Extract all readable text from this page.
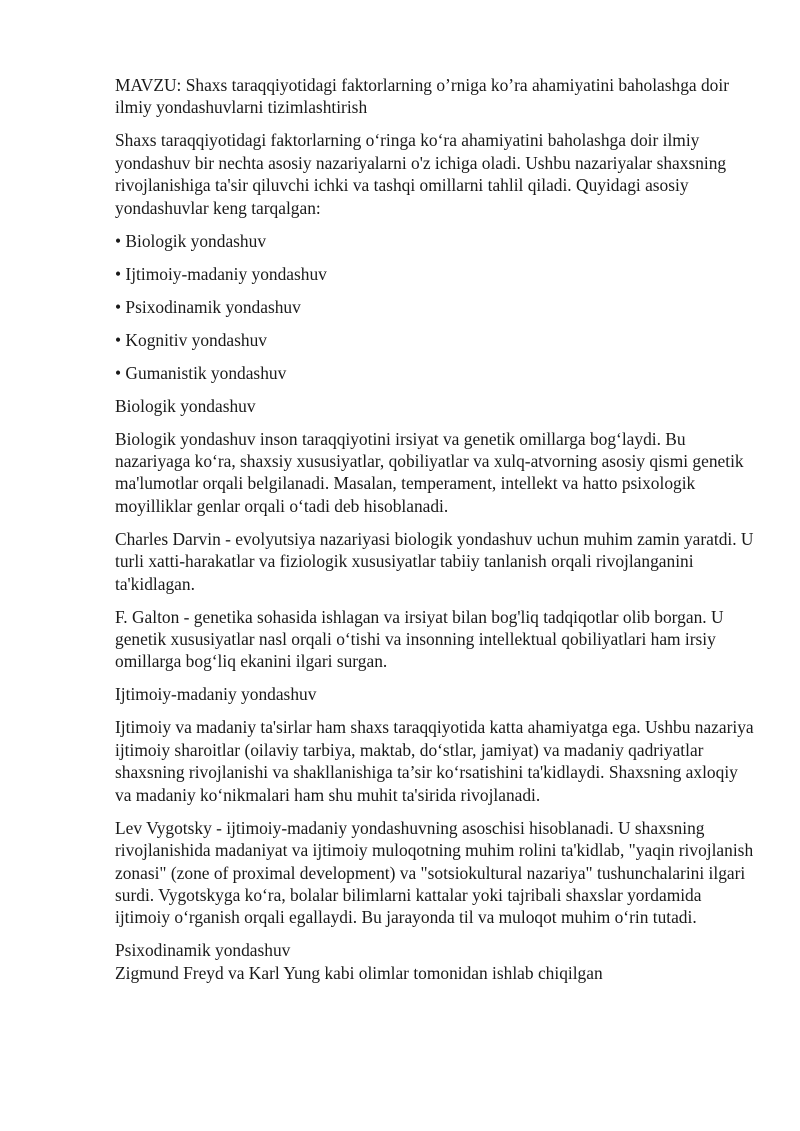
MAVZU: Shaxs taraqqiyotidagi faktorlarning o’rniga ko’ra ahamiyatini baholashga doir ilmiy yondashuvlarni tizimlashtirish

Shaxs taraqqiyotidagi faktorlarning o‘ringa ko‘ra ahamiyatini baholashga doir ilmiy yondashuv bir nechta asosiy nazariyalarni o'z ichiga oladi. Ushbu nazariyalar shaxsning rivojlanishiga ta'sir qiluvchi ichki va tashqi omillarni tahlil qiladi. Quyidagi asosiy yondashuvlar keng tarqalgan:

• Biologik yondashuv

• Ijtimoiy-madaniy yondashuv

• Psixodinamik yondashuv

• Kognitiv yondashuv

• Gumanistik yondashuv

Biologik yondashuv

Biologik yondashuv inson taraqqiyotini irsiyat va genetik omillarga bog‘laydi. Bu nazariyaga ko‘ra, shaxsiy xususiyatlar, qobiliyatlar va xulq-atvorning asosiy qismi genetik ma'lumotlar orqali belgilanadi. Masalan, temperament, intellekt va hatto psixologik moyilliklar genlar orqali o‘tadi deb hisoblanadi.

Charles Darvin - evolyutsiya nazariyasi biologik yondashuv uchun muhim zamin yaratdi. U turli xatti-harakatlar va fiziologik xususiyatlar tabiiy tanlanish orqali rivojlanganini ta'kidlagan.

F. Galton - genetika sohasida ishlagan va irsiyat bilan bog'liq tadqiqotlar olib borgan. U genetik xususiyatlar nasl orqali o‘tishi va insonning intellektual qobiliyatlari ham irsiy omillarga bog‘liq ekanini ilgari surgan.

Ijtimoiy-madaniy yondashuv

Ijtimoiy va madaniy ta'sirlar ham shaxs taraqqiyotida katta ahamiyatga ega. Ushbu nazariya ijtimoiy sharoitlar (oilaviy tarbiya, maktab, do‘stlar, jamiyat) va madaniy qadriyatlar shaxsning rivojlanishi va shakllanishiga ta’sir ko‘rsatishini ta'kidlaydi. Shaxsning axloqiy va madaniy ko‘nikmalari ham shu muhit ta'sirida rivojlanadi.

Lev Vygotsky - ijtimoiy-madaniy yondashuvning asoschisi hisoblanadi. U shaxsning rivojlanishida madaniyat va ijtimoiy muloqotning muhim rolini ta'kidlab, "yaqin rivojlanish zonasi" (zone of proximal development) va "sotsiokultural nazariya" tushunchalarini ilgari surdi. Vygotskyga ko‘ra, bolalar bilimlarni kattalar yoki tajribali shaxslar yordamida ijtimoiy o‘rganish orqali egallaydi. Bu jarayonda til va muloqot muhim o‘rin tutadi.

Psixodinamik yondashuv

Zigmund Freyd va Karl Yung kabi olimlar tomonidan ishlab chiqilgan
